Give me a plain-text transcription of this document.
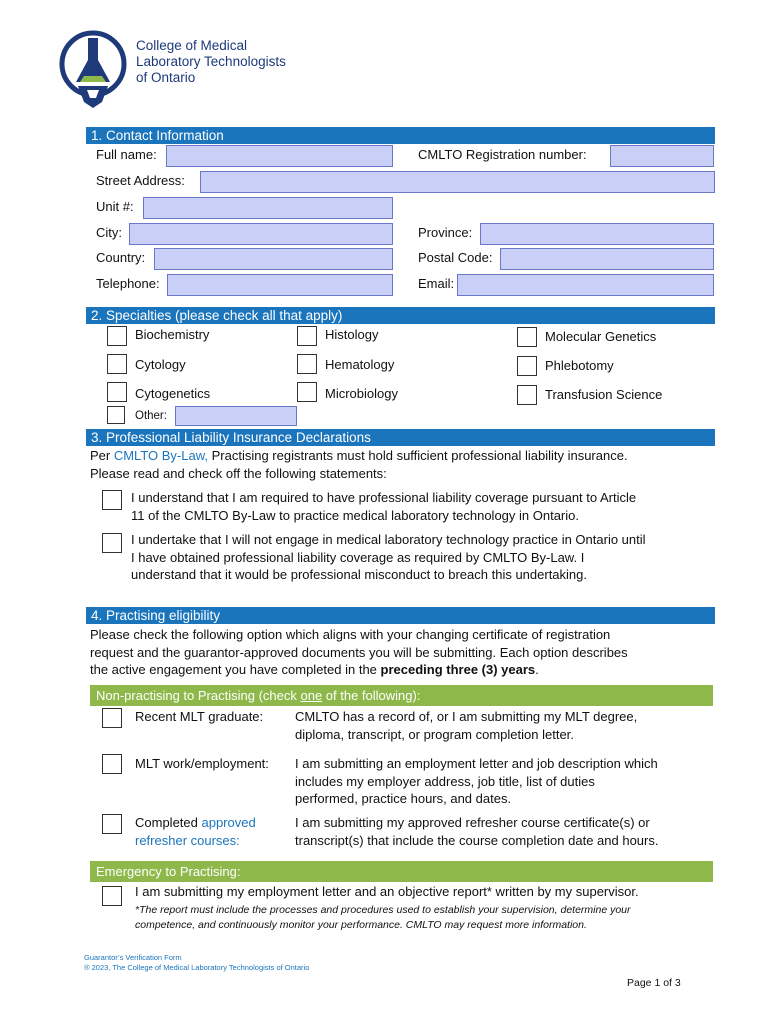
College of Medical
Laboratory Technologists
of Ontario
1. Contact Information
Full name:	CMLTO Registration number:
Street Address:
Unit #:
City:	Province:
Country:	Postal Code:
Telephone:	Email:
2. Specialties (please check all that apply)
Biochemistry	Histology	Molecular Genetics
Cytology	Hematology	Phlebotomy
Cytogenetics	Microbiology	Transfusion Science
Other:
3. Professional Liability Insurance Declarations
Per CMLTO By-Law, Practising registrants must hold sufficient professional liability insurance.
Please read and check off the following statements:
I understand that I am required to have professional liability coverage pursuant to Article
11 of the CMLTO By-Law to practice medical laboratory technology in Ontario.
I undertake that I will not engage in medical laboratory technology practice in Ontario until
I have obtained professional liability coverage as required by CMLTO By-Law. I
understand that it would be professional misconduct to breach this undertaking.
4. Practising eligibility
Please check the following option which aligns with your changing certificate of registration
request and the guarantor-approved documents you will be submitting. Each option describes
the active engagement you have completed in the preceding three (3) years.
Non-practising to Practising (check one of the following):
Recent MLT graduate: CMLTO has a record of, or I am submitting my MLT degree,
diploma, transcript, or program completion letter.
MLT work/employment: I am submitting an employment letter and job description which
includes my employer address, job title, list of duties
performed, practice hours, and dates.
Completed approved
refresher courses:
I am submitting my approved refresher course certificate(s) or
transcript(s) that include the course completion date and hours.
Emergency to Practising:
I am submitting my employment letter and an objective report* written by my supervisor.
*The report must include the processes and procedures used to establish your supervision, determine your
competence, and continuously monitor your performance. CMLTO may request more information.
Guarantor’s Verification Form
® 2023, The College of Medical Laboratory Technologists of Ontario
Page 1 of 3
